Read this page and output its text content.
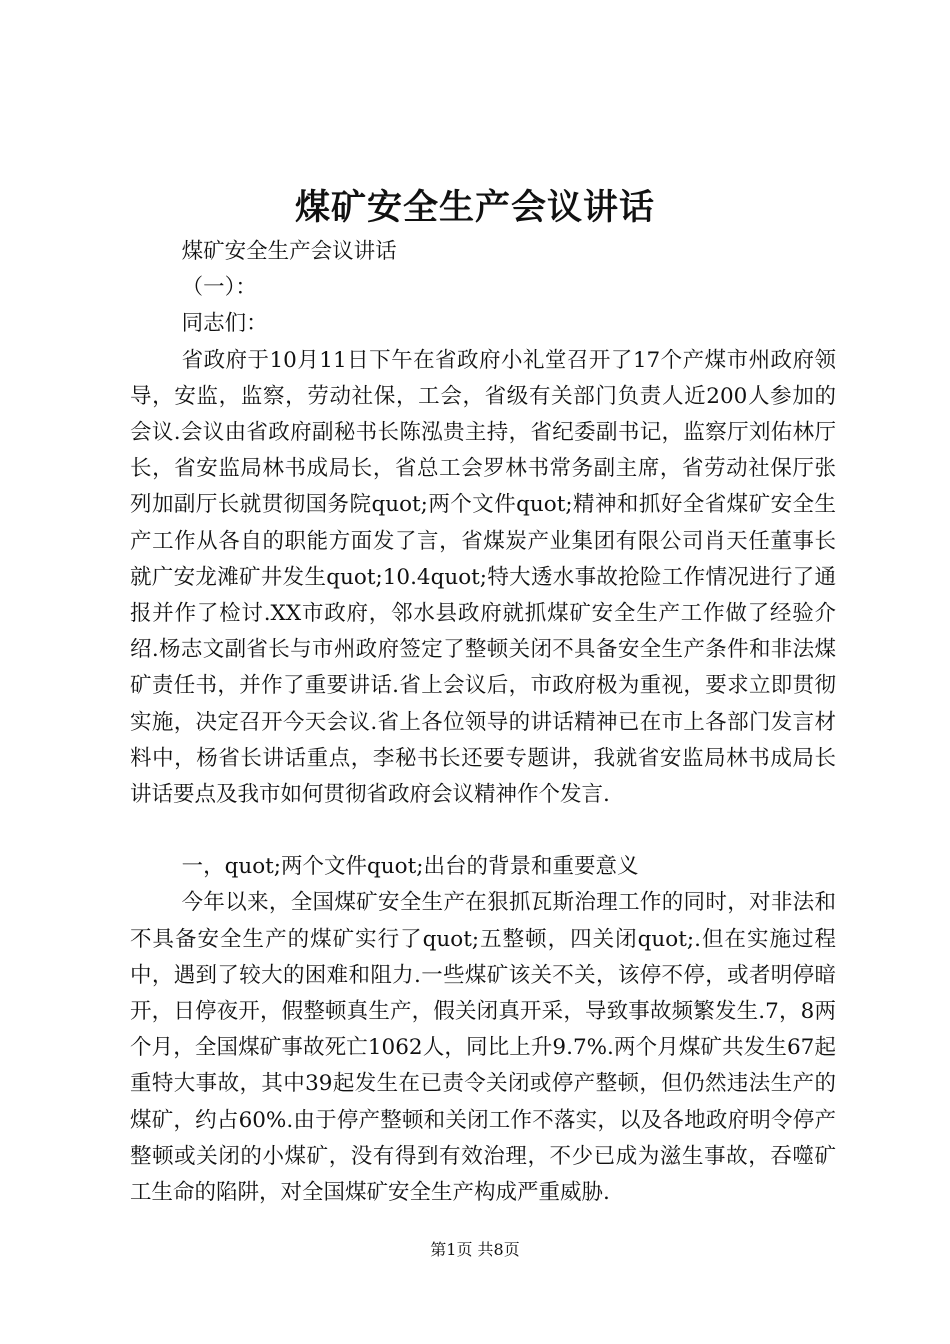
煤矿安全生产会议讲话

煤矿安全生产会议讲话

（一）：

同志们：

省政府于10月11日下午在省政府小礼堂召开了17个产煤市州政府领导，安监，监察，劳动社保，工会，省级有关部门负责人近200人参加的会议.会议由省政府副秘书长陈泓贵主持，省纪委副书记，监察厅刘佑林厅长，省安监局林书成局长，省总工会罗林书常务副主席，省劳动社保厅张列加副厅长就贯彻国务院quot;两个文件quot;精神和抓好全省煤矿安全生产工作从各自的职能方面发了言，省煤炭产业集团有限公司肖天任董事长就广安龙滩矿井发生quot;10.4quot;特大透水事故抢险工作情况进行了通报并作了检讨.XX市政府，邻水县政府就抓煤矿安全生产工作做了经验介绍.杨志文副省长与市州政府签定了整顿关闭不具备安全生产条件和非法煤矿责任书，并作了重要讲话.省上会议后，市政府极为重视，要求立即贯彻实施，决定召开今天会议.省上各位领导的讲话精神已在市上各部门发言材料中，杨省长讲话重点，李秘书长还要专题讲，我就省安监局林书成局长讲话要点及我市如何贯彻省政府会议精神作个发言.

一，quot;两个文件quot;出台的背景和重要意义

今年以来，全国煤矿安全生产在狠抓瓦斯治理工作的同时，对非法和不具备安全生产的煤矿实行了quot;五整顿，四关闭quot;.但在实施过程中，遇到了较大的困难和阻力.一些煤矿该关不关，该停不停，或者明停暗开，日停夜开，假整顿真生产，假关闭真开采，导致事故频繁发生.7，8两个月，全国煤矿事故死亡1062人，同比上升9.7%.两个月煤矿共发生67起重特大事故，其中39起发生在已责令关闭或停产整顿，但仍然违法生产的煤矿，约占60%.由于停产整顿和关闭工作不落实，以及各地政府明令停产整顿或关闭的小煤矿，没有得到有效治理，不少已成为滋生事故，吞噬矿工生命的陷阱，对全国煤矿安全生产构成严重威胁.

第1页 共8页
